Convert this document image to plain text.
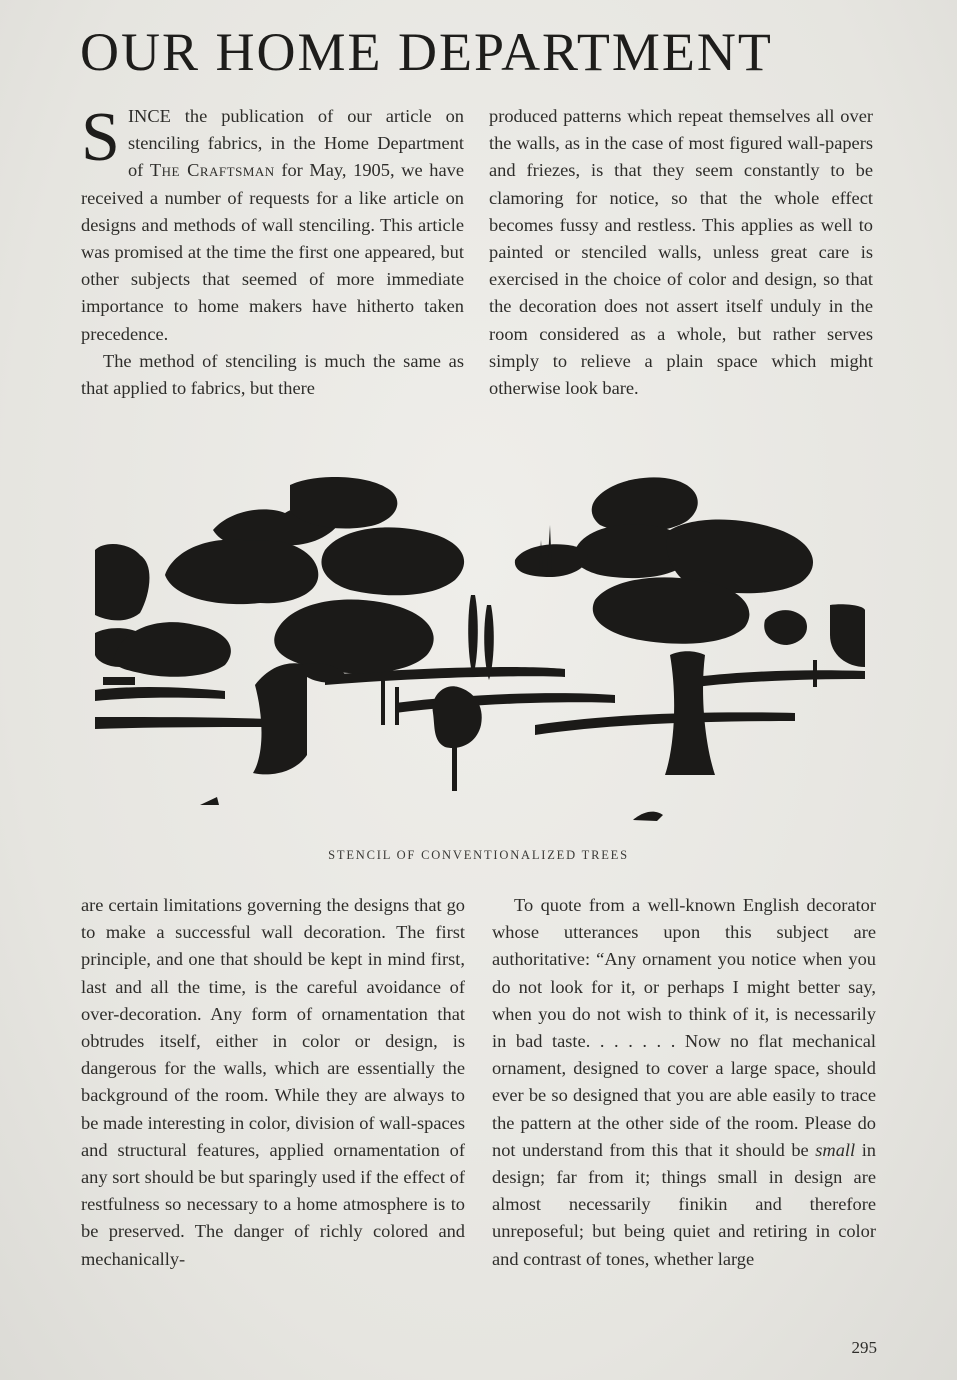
OUR HOME DEPARTMENT

SINCE the publication of our article on stenciling fabrics, in the Home Department of The Craftsman for May, 1905, we have received a number of requests for a like article on designs and methods of wall stenciling. This article was promised at the time the first one appeared, but other subjects that seemed of more immediate importance to home makers have hitherto taken precedence.

The method of stenciling is much the same as that applied to fabrics, but there

produced patterns which repeat themselves all over the walls, as in the case of most figured wall-papers and friezes, is that they seem constantly to be clamoring for notice, so that the whole effect becomes fussy and restless. This applies as well to painted or stenciled walls, unless great care is exercised in the choice of color and design, so that the decoration does not assert itself unduly in the room considered as a whole, but rather serves simply to relieve a plain space which might otherwise look bare.

STENCIL OF CONVENTIONALIZED TREES

are certain limitations governing the designs that go to make a successful wall decoration. The first principle, and one that should be kept in mind first, last and all the time, is the careful avoidance of over-decoration. Any form of ornamentation that obtrudes itself, either in color or design, is dangerous for the walls, which are essentially the background of the room. While they are always to be made interesting in color, division of wall-spaces and structural features, applied ornamentation of any sort should be but sparingly used if the effect of restfulness so necessary to a home atmosphere is to be preserved. The danger of richly colored and mechanically-

To quote from a well-known English decorator whose utterances upon this subject are authoritative: “Any ornament you notice when you do not look for it, or perhaps I might better say, when you do not wish to think of it, is necessarily in bad taste. . . . . . . Now no flat mechanical ornament, designed to cover a large space, should ever be so designed that you are able easily to trace the pattern at the other side of the room. Please do not understand from this that it should be small in design; far from it; things small in design are almost necessarily finikin and therefore unreposeful; but being quiet and retiring in color and contrast of tones, whether large

295
